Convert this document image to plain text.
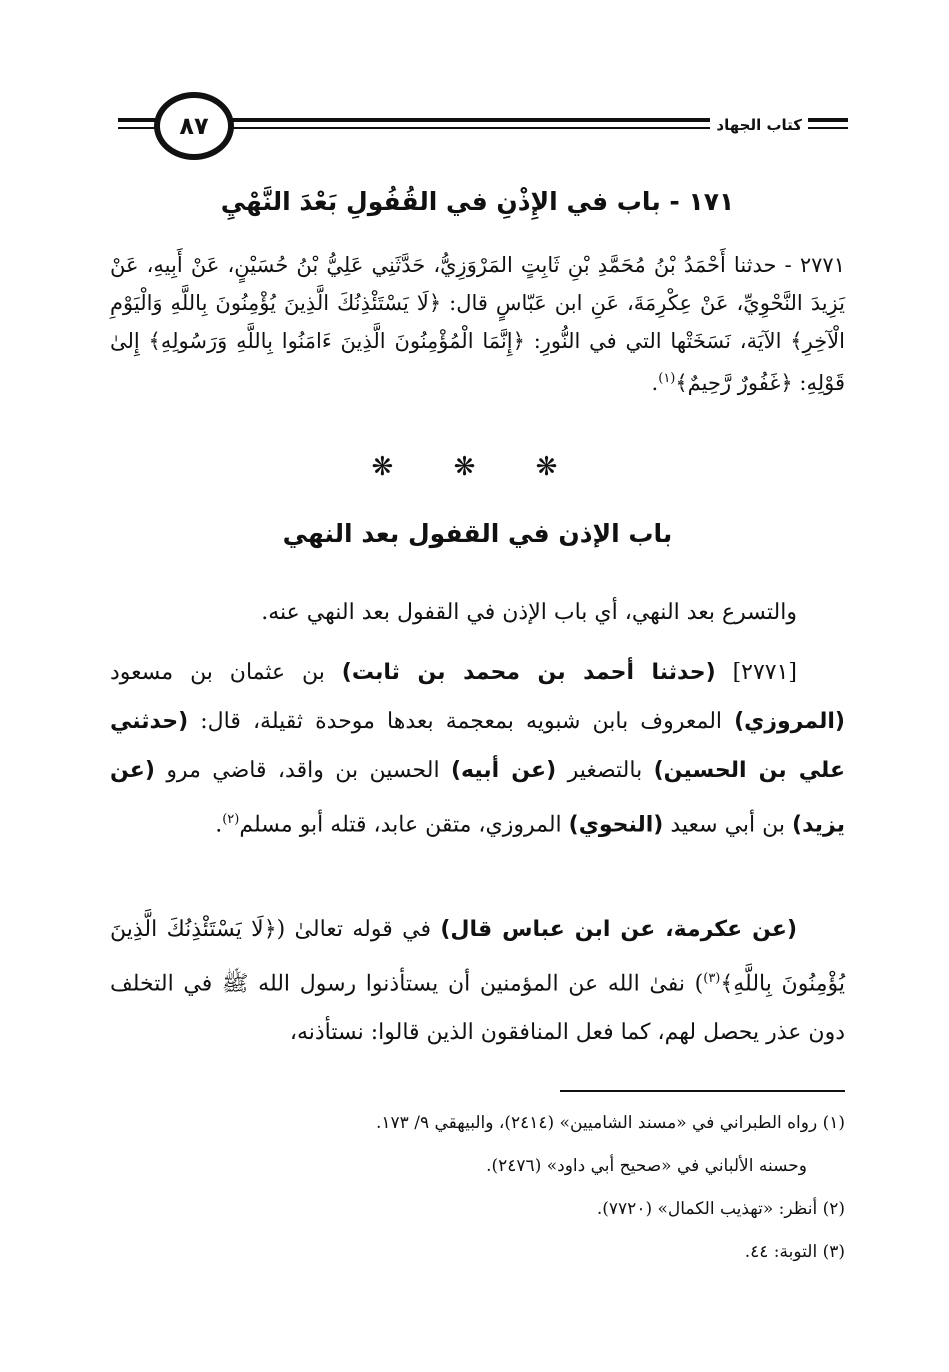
٨٧	كتاب الجهاد
١٧١ - باب في الإِذْنِ في القُفُولِ بَعْدَ النَّهْيِ

٢٧٧١ - حدثنا أَحْمَدُ بْنُ مُحَمَّدِ بْنِ ثَابِتٍ المَرْوَزِيُّ، حَدَّثَنِي عَلِيُّ بْنُ حُسَيْنٍ، عَنْ أَبِيهِ، عَنْ يَزِيدَ النَّحْوِيِّ، عَنْ عِكْرِمَةَ، عَنِ ابن عَبّاسٍ قال: ﴿لَا يَسْتَئْذِنُكَ الَّذِينَ يُؤْمِنُونَ بِاللَّهِ وَالْيَوْمِ الْآخِرِ﴾ الآيَة، نَسَخَتْها التي في النُّورِ: ﴿إِنَّمَا الْمُؤْمِنُونَ الَّذِينَ ءَامَنُوا بِاللَّهِ وَرَسُولِهِ﴾ إِلىٰ قَوْلِهِ: ﴿غَفُورٌ رَّحِيمٌ﴾$^{(١)}$.

❋ ❋ ❋
باب الإذن في القفول بعد النهي

والتسرع بعد النهي، أي باب الإذن في القفول بعد النهي عنه.

[٢٧٧١] (حدثنا أحمد بن محمد بن ثابت) بن عثمان بن مسعود (المروزي) المعروف بابن شبويه بمعجمة بعدها موحدة ثقيلة، قال: (حدثني علي بن الحسين) بالتصغير (عن أبيه) الحسين بن واقد، قاضي مرو (عن يزيد) بن أبي سعيد (النحوي) المروزي، متقن عابد، قتله أبو مسلم$^{(٢)}$.

(عن عكرمة، عن ابن عباس قال) في قوله تعالىٰ (﴿لَا يَسْتَئْذِنُكَ الَّذِينَ يُؤْمِنُونَ بِاللَّهِ﴾$^{(٣)}$) نفىٰ الله عن المؤمنين أن يستأذنوا رسول الله ﷺ في التخلف دون عذر يحصل لهم، كما فعل المنافقون الذين قالوا: نستأذنه،

(١) رواه الطبراني في «مسند الشاميين» (٢٤١٤)، والبيهقي ٩/ ١٧٣.
وحسنه الألباني في «صحيح أبي داود» (٢٤٧٦).
(٢) أنظر: «تهذيب الكمال» (٧٧٢٠).
(٣) التوبة: ٤٤.
